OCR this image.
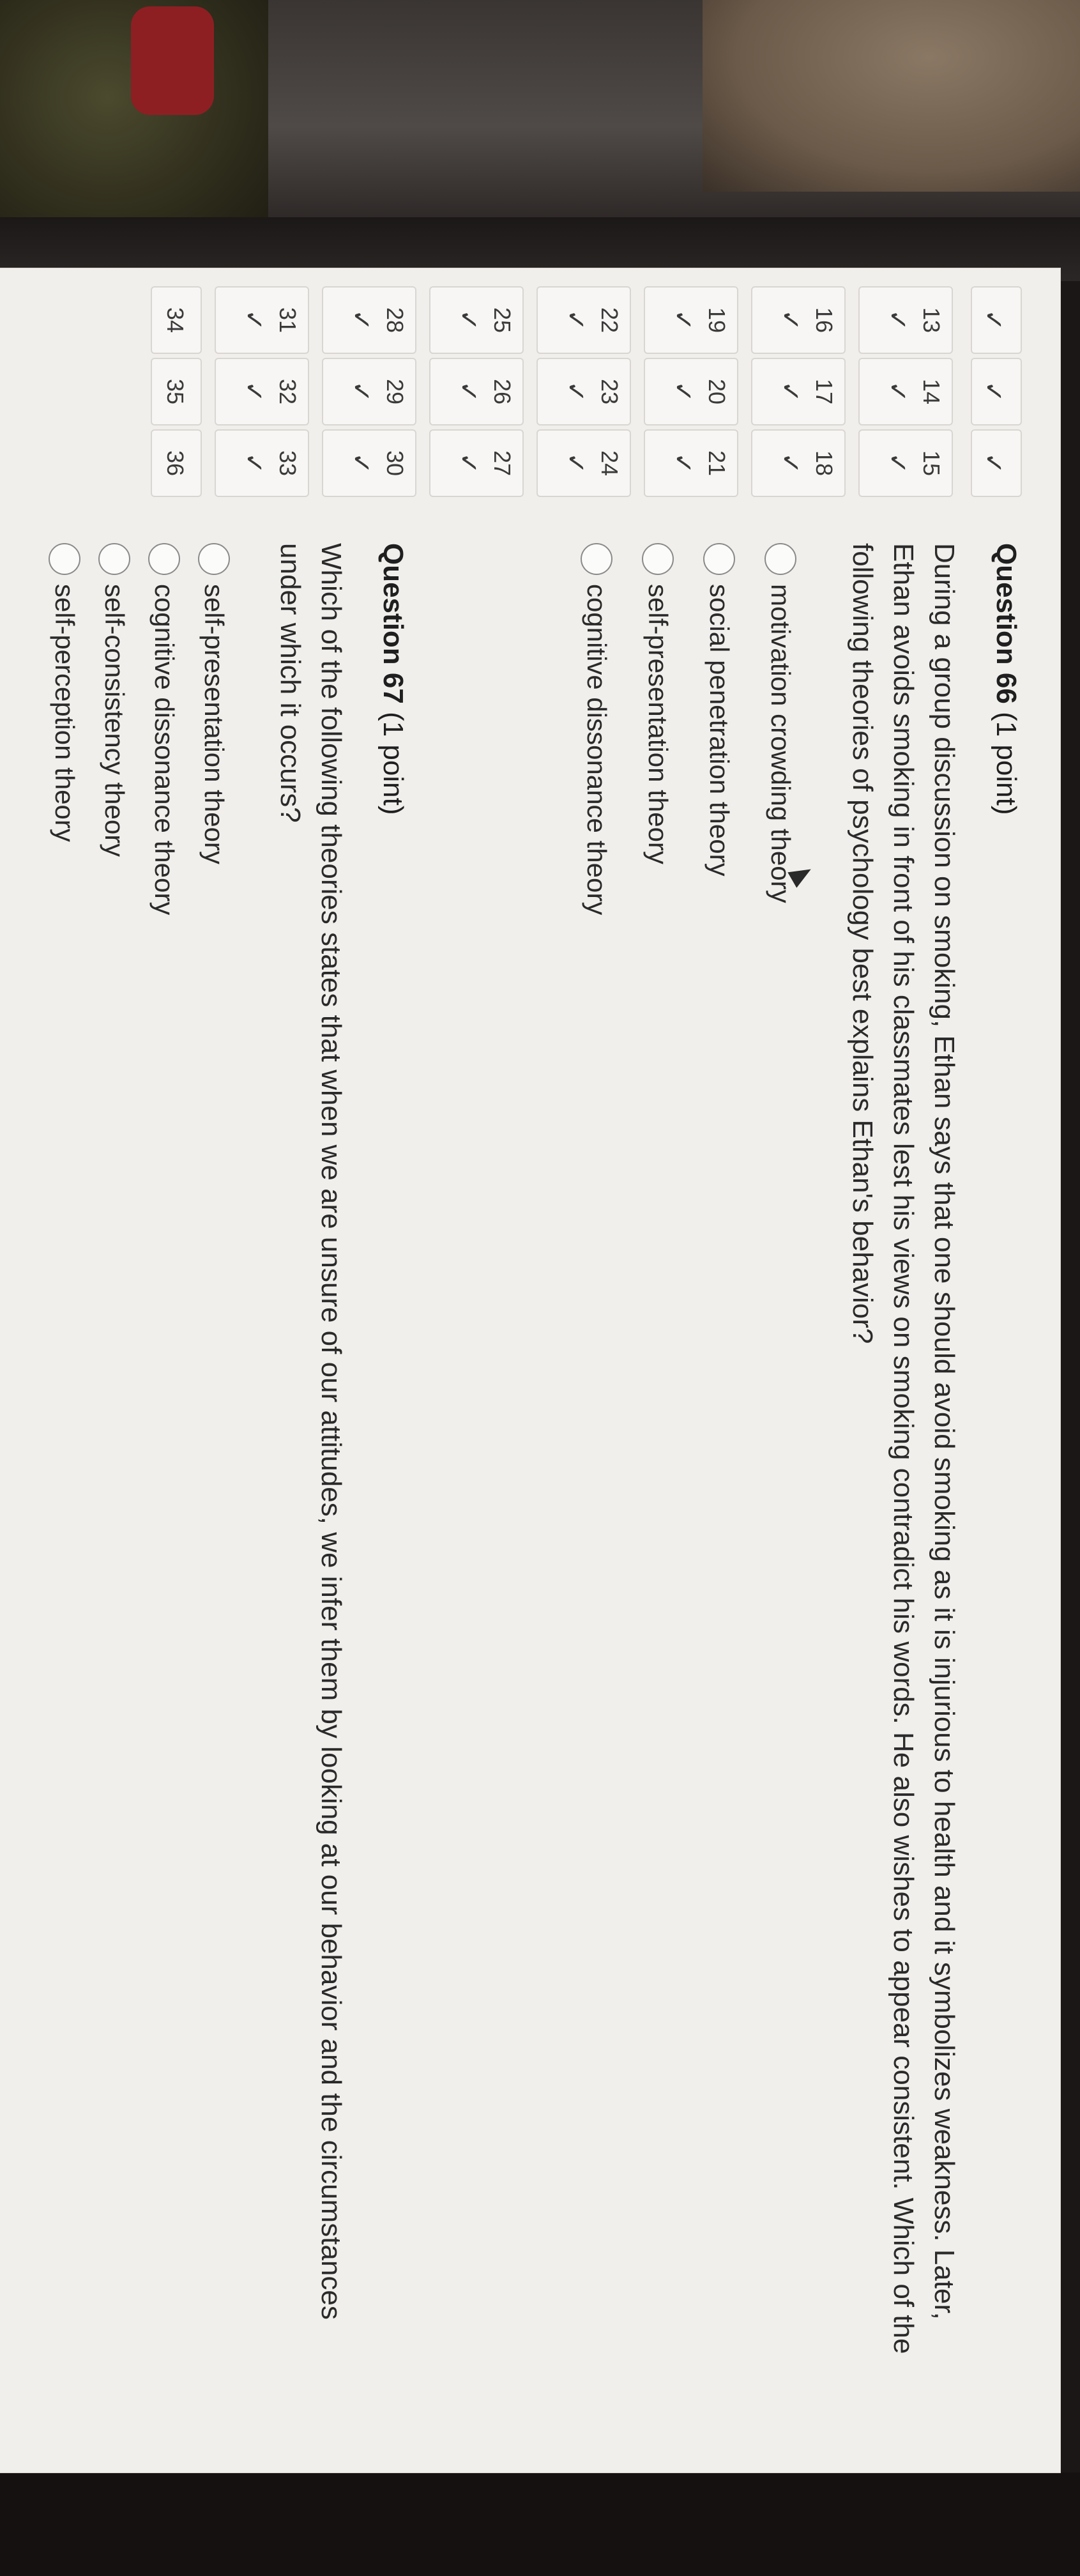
✓
✓
✓
13
✓
14
✓
15
✓
16
✓
17
✓
18
✓
19
✓
20
✓
21
✓
22
✓
23
✓
24
✓
25
✓
26
✓
27
✓
28
✓
29
✓
30
✓
31
✓
32
✓
33
✓
34
35
36
Question 66 (1 point)

During a group discussion on smoking, Ethan says that one should avoid smoking as it is injurious to health and it symbolizes weakness. Later, Ethan avoids smoking in front of his classmates lest his views on smoking contradict his words. He also wishes to appear consistent. Which of the following theories of psychology best explains Ethan's behavior?

motivation crowding theory
social penetration theory
self-presentation theory
cognitive dissonance theory
Question 67 (1 point)

Which of the following theories states that when we are unsure of our attitudes, we infer them by looking at our behavior and the circumstances under which it occurs?

self-presentation theory
cognitive dissonance theory
self-consistency theory
self-perception theory
